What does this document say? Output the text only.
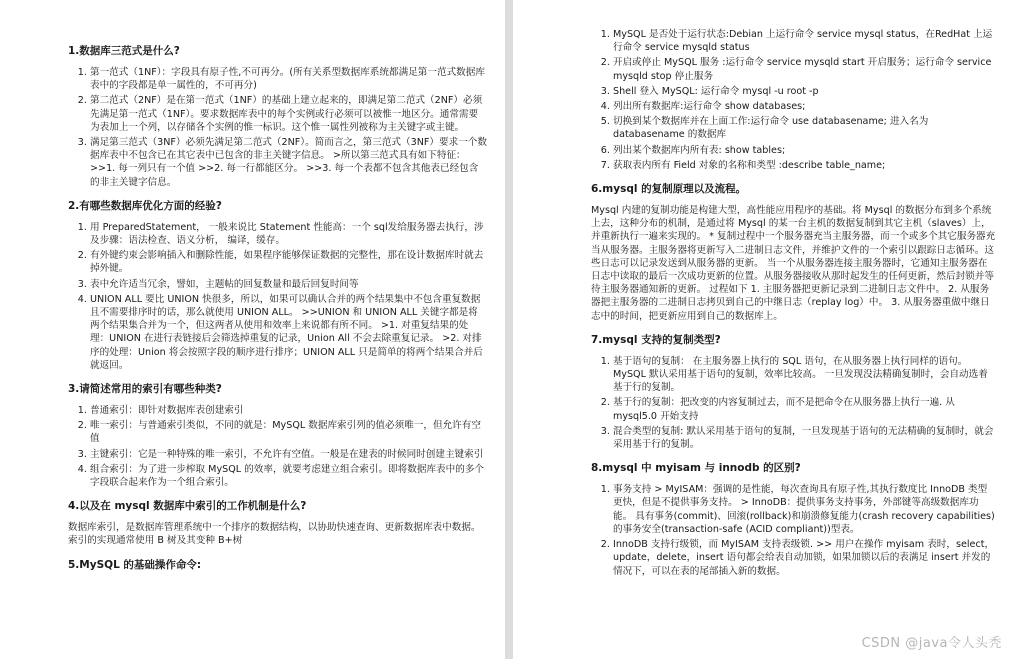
1.数据库三范式是什么?
1. 第一范式（1NF）：字段具有原子性,不可再分。(所有关系型数据库系统都满足第一范式数据库表中的字段都是单一属性的，不可再分)
2. 第二范式（2NF）是在第一范式（1NF）的基础上建立起来的，即满足第二范式（2NF）必须先满足第一范式（1NF）。要求数据库表中的每个实例或行必须可以被惟一地区分。通常需要为表加上一个列，以存储各个实例的惟一标识。这个惟一属性列被称为主关键字或主键。
3. 满足第三范式（3NF）必须先满足第二范式（2NF）。简而言之，第三范式（3NF）要求一个数据库表中不包含已在其它表中已包含的非主关键字信息。 >所以第三范式具有如下特征： >>1. 每一列只有一个值 >>2. 每一行都能区分。 >>3. 每一个表都不包含其他表已经包含的非主关键字信息。
2.有哪些数据库优化方面的经验?
1. 用 PreparedStatement， 一般来说比 Statement 性能高：一个 sql发给服务器去执行，涉及步骤：语法检查、语义分析， 编译，缓存。
2. 有外键约束会影响插入和删除性能，如果程序能够保证数据的完整性，那在设计数据库时就去掉外键。
3. 表中允许适当冗余，譬如，主题帖的回复数量和最后回复时间等
4. UNION ALL 要比 UNION 快很多，所以，如果可以确认合并的两个结果集中不包含重复数据且不需要排序时的话，那么就使用 UNION ALL。 >>UNION 和 UNION ALL 关键字都是将两个结果集合并为一个，但这两者从使用和效率上来说都有所不同。 >1. 对重复结果的处理：UNION 在进行表链接后会筛选掉重复的记录，Union All 不会去除重复记录。 >2. 对排序的处理：Union 将会按照字段的顺序进行排序；UNION ALL 只是简单的将两个结果合并后就返回。
3.请简述常用的索引有哪些种类?
1. 普通索引：即针对数据库表创建索引
2. 唯一索引：与普通索引类似，不同的就是：MySQL 数据库索引列的值必须唯一，但允许有空值
3. 主键索引：它是一种特殊的唯一索引，不允许有空值。一般是在建表的时候同时创建主键索引
4. 组合索引：为了进一步榨取 MySQL 的效率，就要考虑建立组合索引。即将数据库表中的多个字段联合起来作为一个组合索引。
4.以及在 mysql 数据库中索引的工作机制是什么?

数据库索引，是数据库管理系统中一个排序的数据结构，以协助快速查询、更新数据库表中数据。索引的实现通常使用 B 树及其变种 B+树

5.MySQL 的基础操作命令:
1. MySQL 是否处于运行状态:Debian 上运行命令 service mysql status，在RedHat 上运行命令 service mysqld status
2. 开启或停止 MySQL 服务 :运行命令 service mysqld start 开启服务；运行命令 service mysqld stop 停止服务
3. Shell 登入 MySQL: 运行命令 mysql -u root -p
4. 列出所有数据库:运行命令 show databases;
5. 切换到某个数据库并在上面工作:运行命令 use databasename; 进入名为 databasename 的数据库
6. 列出某个数据库内所有表: show tables;
7. 获取表内所有 Field 对象的名称和类型 :describe table_name;
6.mysql 的复制原理以及流程。

Mysql 内建的复制功能是构建大型，高性能应用程序的基础。将 Mysql 的数据分布到多个系统上去，这种分布的机制，是通过将 Mysql 的某一台主机的数据复制到其它主机（slaves）上，并重新执行一遍来实现的。 * 复制过程中一个服务器充当主服务器，而一个或多个其它服务器充当从服务器。主服务器将更新写入二进制日志文件，并维护文件的一个索引以跟踪日志循环。这些日志可以记录发送到从服务器的更新。 当一个从服务器连接主服务器时，它通知主服务器在日志中读取的最后一次成功更新的位置。从服务器接收从那时起发生的任何更新，然后封锁并等待主服务器通知新的更新。 过程如下 1. 主服务器把更新记录到二进制日志文件中。 2. 从服务器把主服务器的二进制日志拷贝到自己的中继日志（replay log）中。 3. 从服务器重做中继日志中的时间，把更新应用到自己的数据库上。

7.mysql 支持的复制类型?
1. 基于语句的复制： 在主服务器上执行的 SQL 语句，在从服务器上执行同样的语句。MySQL 默认采用基于语句的复制，效率比较高。 一旦发现没法精确复制时，会自动选着基于行的复制。
2. 基于行的复制：把改变的内容复制过去，而不是把命令在从服务器上执行一遍. 从 mysql5.0 开始支持
3. 混合类型的复制: 默认采用基于语句的复制，一旦发现基于语句的无法精确的复制时，就会采用基于行的复制。
8.mysql 中 myisam 与 innodb 的区别?
1. 事务支持 > MyISAM：强调的是性能，每次查询具有原子性,其执行数度比 InnoDB 类型更快，但是不提供事务支持。 > InnoDB：提供事务支持事务，外部键等高级数据库功能。 具有事务(commit)、回滚(rollback)和崩溃修复能力(crash recovery capabilities)的事务安全(transaction-safe (ACID compliant))型表。
2. InnoDB 支持行级锁，而 MyISAM 支持表级锁. >> 用户在操作 myisam 表时，select，update，delete，insert 语句都会给表自动加锁，如果加锁以后的表满足 insert 并发的情况下，可以在表的尾部插入新的数据。
CSDN @java令人头秃
